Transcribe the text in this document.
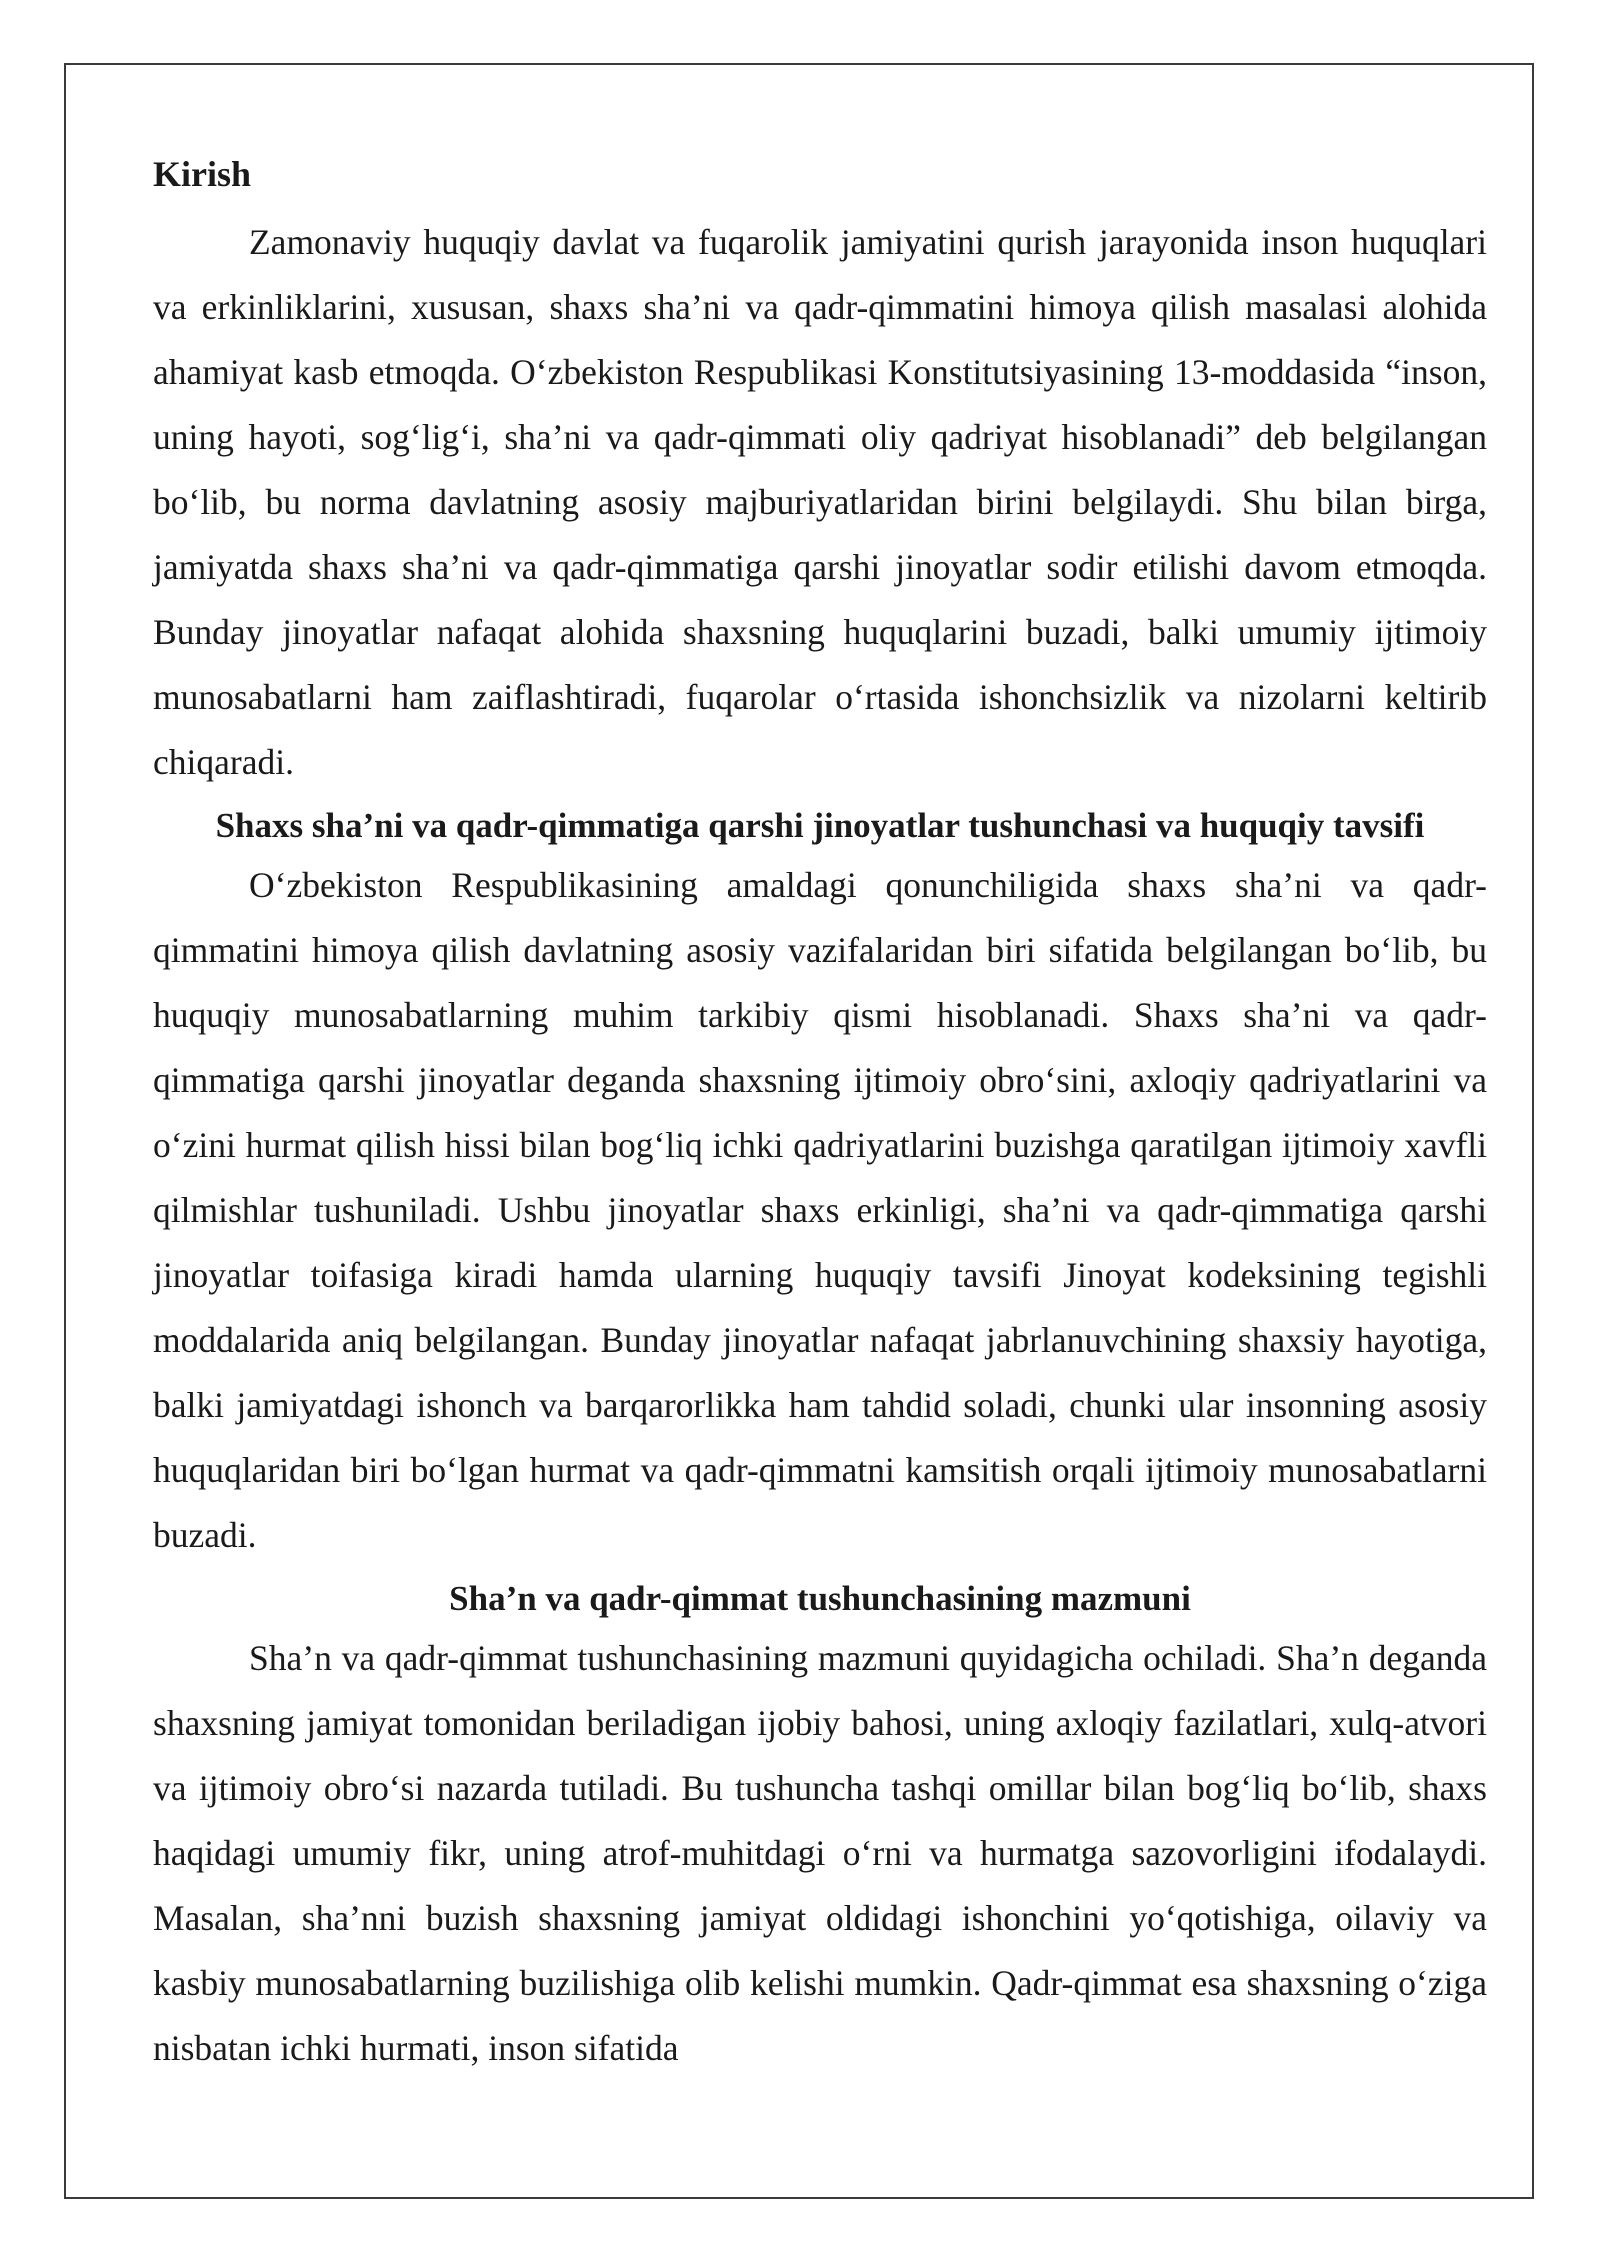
Kirish

Zamonaviy huquqiy davlat va fuqarolik jamiyatini qurish jarayonida inson huquqlari va erkinliklarini, xususan, shaxs sha’ni va qadr-qimmatini himoya qilish masalasi alohida ahamiyat kasb etmoqda. O‘zbekiston Respublikasi Konstitutsiyasining 13-moddasida “inson, uning hayoti, sog‘lig‘i, sha’ni va qadr-qimmati oliy qadriyat hisoblanadi” deb belgilangan bo‘lib, bu norma davlatning asosiy majburiyatlaridan birini belgilaydi. Shu bilan birga, jamiyatda shaxs sha’ni va qadr-qimmatiga qarshi jinoyatlar sodir etilishi davom etmoqda. Bunday jinoyatlar nafaqat alohida shaxsning huquqlarini buzadi, balki umumiy ijtimoiy munosabatlarni ham zaiflashtiradi, fuqarolar o‘rtasida ishonchsizlik va nizolarni keltirib chiqaradi.

Shaxs sha’ni va qadr-qimmatiga qarshi jinoyatlar tushunchasi va huquqiy tavsifi

O‘zbekiston Respublikasining amaldagi qonunchiligida shaxs sha’ni va qadr-qimmatini himoya qilish davlatning asosiy vazifalaridan biri sifatida belgilangan bo‘lib, bu huquqiy munosabatlarning muhim tarkibiy qismi hisoblanadi. Shaxs sha’ni va qadr-qimmatiga qarshi jinoyatlar deganda shaxsning ijtimoiy obro‘sini, axloqiy qadriyatlarini va o‘zini hurmat qilish hissi bilan bog‘liq ichki qadriyatlarini buzishga qaratilgan ijtimoiy xavfli qilmishlar tushuniladi. Ushbu jinoyatlar shaxs erkinligi, sha’ni va qadr-qimmatiga qarshi jinoyatlar toifasiga kiradi hamda ularning huquqiy tavsifi Jinoyat kodeksining tegishli moddalarida aniq belgilangan. Bunday jinoyatlar nafaqat jabrlanuvchining shaxsiy hayotiga, balki jamiyatdagi ishonch va barqarorlikka ham tahdid soladi, chunki ular insonning asosiy huquqlaridan biri bo‘lgan hurmat va qadr-qimmatni kamsitish orqali ijtimoiy munosabatlarni buzadi.

Sha’n va qadr-qimmat tushunchasining mazmuni

Sha’n va qadr-qimmat tushunchasining mazmuni quyidagicha ochiladi. Sha’n deganda shaxsning jamiyat tomonidan beriladigan ijobiy bahosi, uning axloqiy fazilatlari, xulq-atvori va ijtimoiy obro‘si nazarda tutiladi. Bu tushuncha tashqi omillar bilan bog‘liq bo‘lib, shaxs haqidagi umumiy fikr, uning atrof-muhitdagi o‘rni va hurmatga sazovorligini ifodalaydi. Masalan, sha’nni buzish shaxsning jamiyat oldidagi ishonchini yo‘qotishiga, oilaviy va kasbiy munosabatlarning buzilishiga olib kelishi mumkin. Qadr-qimmat esa shaxsning o‘ziga nisbatan ichki hurmati, inson sifatida
